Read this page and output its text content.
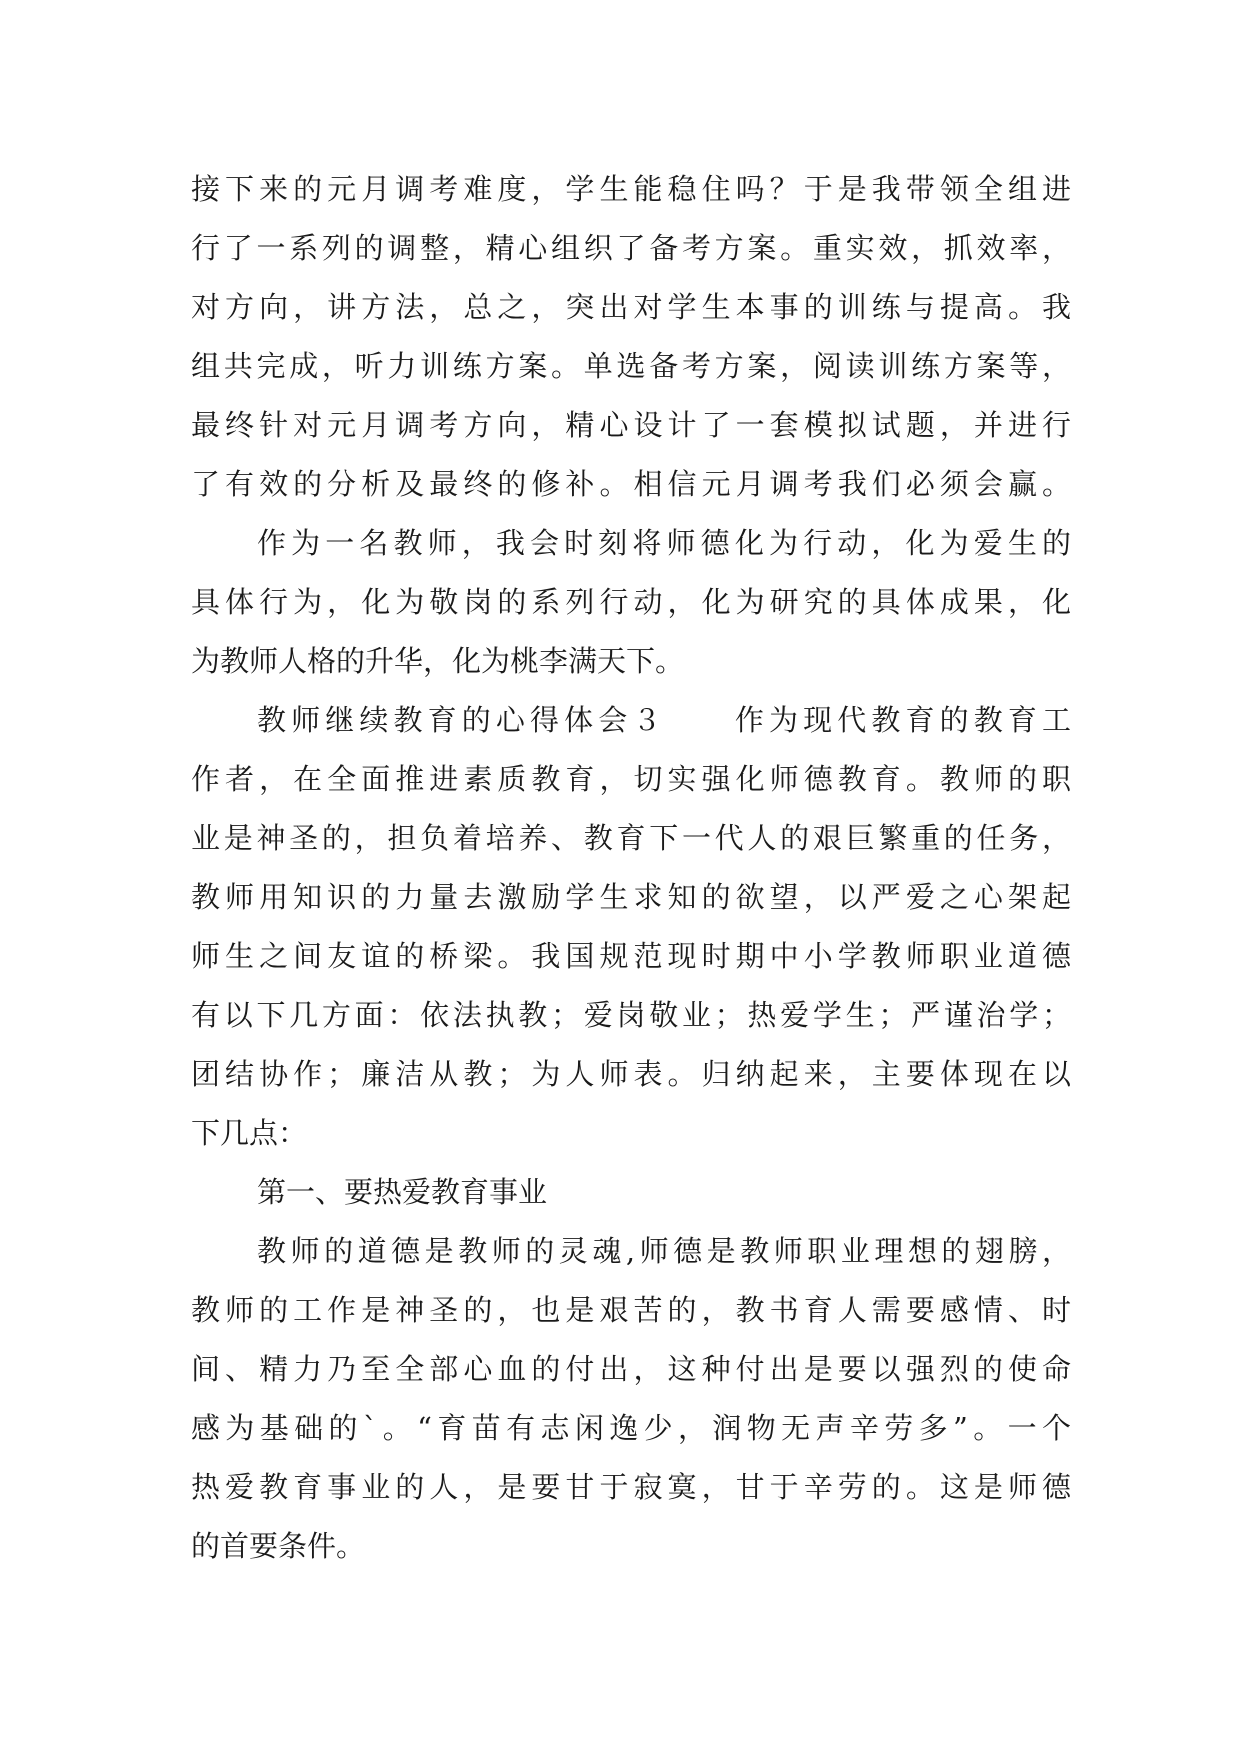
接下来的元月调考难度，学生能稳住吗？于是我带领全组进
行了一系列的调整，精心组织了备考方案。重实效，抓效率，
对方向，讲方法，总之，突出对学生本事的训练与提高。我
组共完成，听力训练方案。单选备考方案，阅读训练方案等，
最终针对元月调考方向，精心设计了一套模拟试题，并进行
了有效的分析及最终的修补。相信元月调考我们必须会赢。
作为一名教师，我会时刻将师德化为行动，化为爱生的
具体行为，化为敬岗的系列行动，化为研究的具体成果，化
为教师人格的升华，化为桃李满天下。
教师继续教育的心得体会３　　作为现代教育的教育工
作者，在全面推进素质教育，切实强化师德教育。教师的职
业是神圣的，担负着培养、教育下一代人的艰巨繁重的任务，
教师用知识的力量去激励学生求知的欲望，以严爱之心架起
师生之间友谊的桥梁。我国规范现时期中小学教师职业道德
有以下几方面：依法执教；爱岗敬业；热爱学生；严谨治学；
团结协作；廉洁从教；为人师表。归纳起来，主要体现在以
下几点：
第一、要热爱教育事业
教师的道德是教师的灵魂,师德是教师职业理想的翅膀，
教师的工作是神圣的，也是艰苦的，教书育人需要感情、时
间、精力乃至全部心血的付出，这种付出是要以强烈的使命
感为基础的`。“育苗有志闲逸少，润物无声辛劳多”。一个
热爱教育事业的人，是要甘于寂寞，甘于辛劳的。这是师德
的首要条件。
